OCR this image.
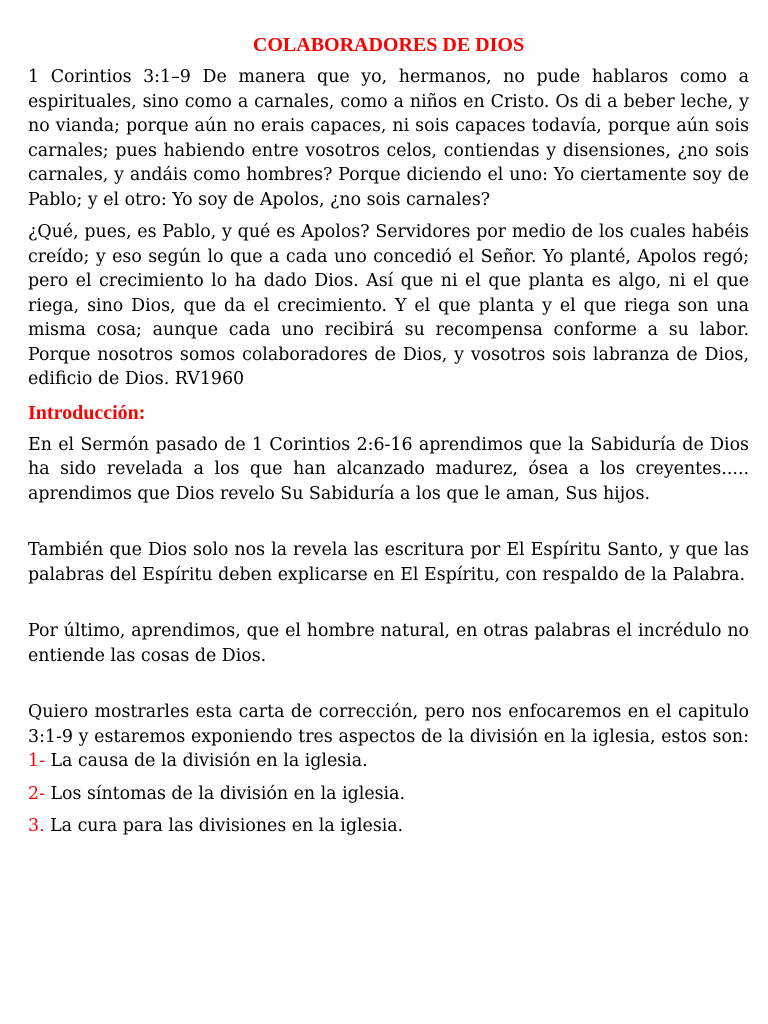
COLABORADORES DE DIOS

1 Corintios 3:1–9 De manera que yo, hermanos, no pude hablaros como a espirituales, sino como a carnales, como a niños en Cristo. Os di a beber leche, y no vianda; porque aún no erais capaces, ni sois capaces todavía, porque aún sois carnales; pues habiendo entre vosotros celos, contiendas y disensiones, ¿no sois carnales, y andáis como hombres? Porque diciendo el uno: Yo ciertamente soy de Pablo; y el otro: Yo soy de Apolos, ¿no sois carnales?

¿Qué, pues, es Pablo, y qué es Apolos? Servidores por medio de los cuales habéis creído; y eso según lo que a cada uno concedió el Señor. Yo planté, Apolos regó; pero el crecimiento lo ha dado Dios. Así que ni el que planta es algo, ni el que riega, sino Dios, que da el crecimiento. Y el que planta y el que riega son una misma cosa; aunque cada uno recibirá su recompensa conforme a su labor. Porque nosotros somos colaboradores de Dios, y vosotros sois labranza de Dios, edificio de Dios. RV1960

Introducción:

En el Sermón pasado de 1 Corintios 2:6-16 aprendimos que la Sabiduría de Dios ha sido revelada a los que han alcanzado madurez, ósea a los creyentes..... aprendimos que Dios revelo Su Sabiduría a los que le aman, Sus hijos.

También que Dios solo nos la revela las escritura por El Espíritu Santo, y que las palabras del Espíritu deben explicarse en El Espíritu, con respaldo de la Palabra.

Por último, aprendimos, que el hombre natural, en otras palabras el incrédulo no entiende las cosas de Dios.

Quiero mostrarles esta carta de corrección, pero nos enfocaremos en el capitulo 3:1-9 y estaremos exponiendo tres aspectos de la división en la iglesia, estos son: 1- La causa de la división en la iglesia.

2- Los síntomas de la división en la iglesia.

3. La cura para las divisiones en la iglesia.
